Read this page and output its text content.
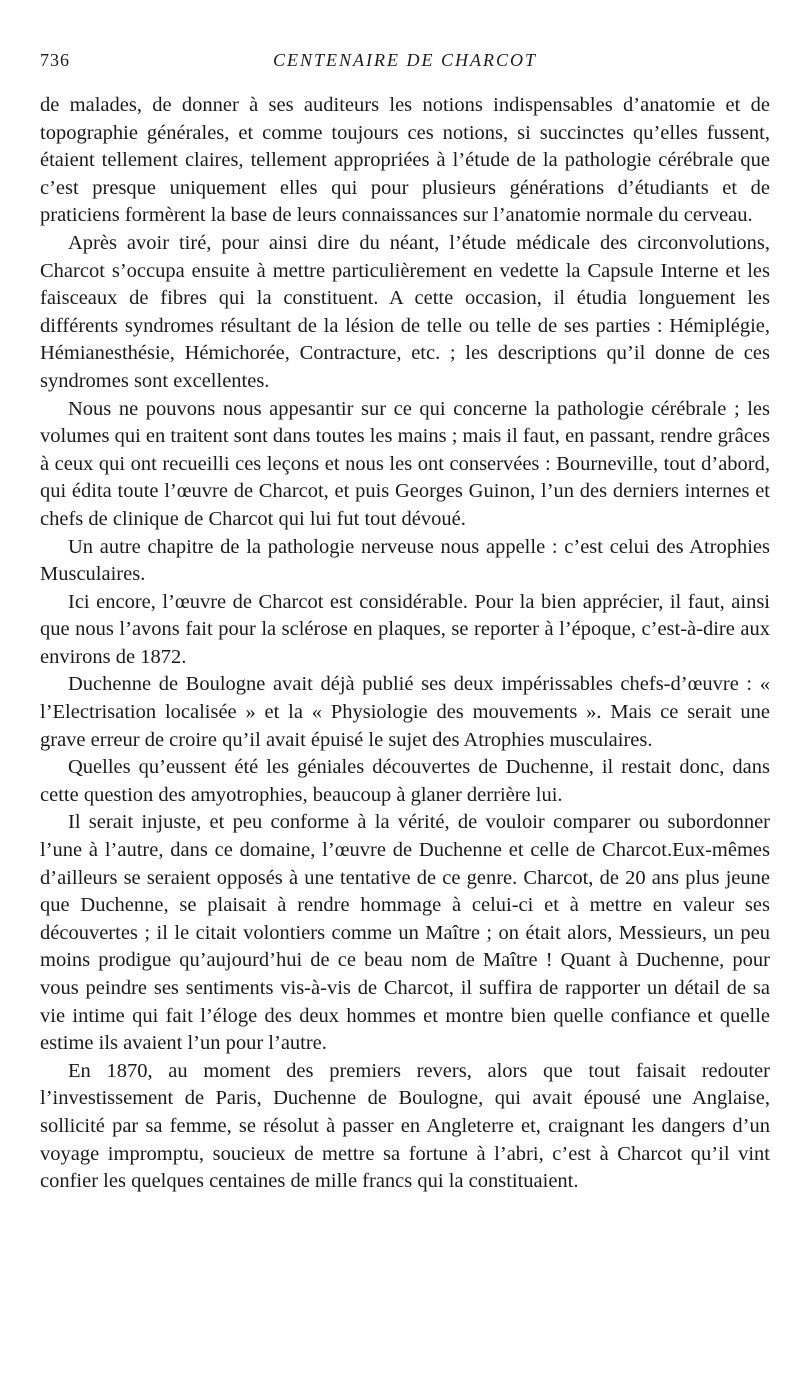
736	CENTENAIRE DE CHARCOT

de malades, de donner à ses auditeurs les notions indispensables d’anatomie et de topographie générales, et comme toujours ces notions, si succinctes qu’elles fussent, étaient tellement claires, tellement appropriées à l’étude de la pathologie cérébrale que c’est presque uniquement elles qui pour plusieurs générations d’étudiants et de praticiens formèrent la base de leurs connaissances sur l’anatomie normale du cerveau.

Après avoir tiré, pour ainsi dire du néant, l’étude médicale des circonvolutions, Charcot s’occupa ensuite à mettre particulièrement en vedette la Capsule Interne et les faisceaux de fibres qui la constituent. A cette occasion, il étudia longuement les différents syndromes résultant de la lésion de telle ou telle de ses parties : Hémiplégie, Hémianesthésie, Hémichorée, Contracture, etc. ; les descriptions qu’il donne de ces syndromes sont excellentes.

Nous ne pouvons nous appesantir sur ce qui concerne la pathologie cérébrale ; les volumes qui en traitent sont dans toutes les mains ; mais il faut, en passant, rendre grâces à ceux qui ont recueilli ces leçons et nous les ont conservées : Bourneville, tout d’abord, qui édita toute l’œuvre de Charcot, et puis Georges Guinon, l’un des derniers internes et chefs de clinique de Charcot qui lui fut tout dévoué.

Un autre chapitre de la pathologie nerveuse nous appelle : c’est celui des Atrophies Musculaires.

Ici encore, l’œuvre de Charcot est considérable. Pour la bien apprécier, il faut, ainsi que nous l’avons fait pour la sclérose en plaques, se reporter à l’époque, c’est-à-dire aux environs de 1872.

Duchenne de Boulogne avait déjà publié ses deux impérissables chefs-d’œuvre : « l’Electrisation localisée » et la « Physiologie des mouvements ». Mais ce serait une grave erreur de croire qu’il avait épuisé le sujet des Atrophies musculaires.

Quelles qu’eussent été les géniales découvertes de Duchenne, il restait donc, dans cette question des amyotrophies, beaucoup à glaner derrière lui.

Il serait injuste, et peu conforme à la vérité, de vouloir comparer ou subordonner l’une à l’autre, dans ce domaine, l’œuvre de Duchenne et celle de Charcot.Eux-mêmes d’ailleurs se seraient opposés à une tentative de ce genre. Charcot, de 20 ans plus jeune que Duchenne, se plaisait à rendre hommage à celui-ci et à mettre en valeur ses découvertes ; il le citait volontiers comme un Maître ; on était alors, Messieurs, un peu moins prodigue qu’aujourd’hui de ce beau nom de Maître ! Quant à Duchenne, pour vous peindre ses sentiments vis-à-vis de Charcot, il suffira de rapporter un détail de sa vie intime qui fait l’éloge des deux hommes et montre bien quelle confiance et quelle estime ils avaient l’un pour l’autre.

En 1870, au moment des premiers revers, alors que tout faisait redouter l’investissement de Paris, Duchenne de Boulogne, qui avait épousé une Anglaise, sollicité par sa femme, se résolut à passer en Angleterre et, craignant les dangers d’un voyage impromptu, soucieux de mettre sa fortune à l’abri, c’est à Charcot qu’il vint confier les quelques centaines de mille francs qui la constituaient.
